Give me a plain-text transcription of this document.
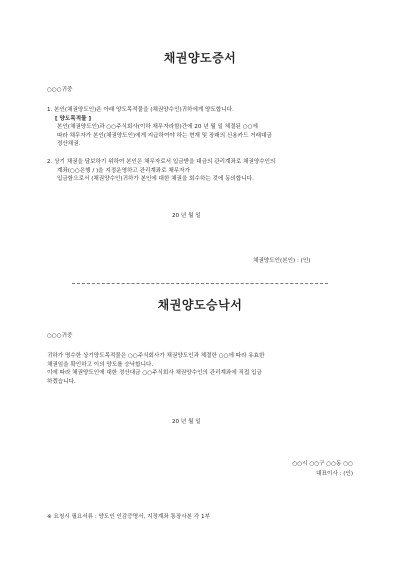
채권양도증서
○○○귀중

1. 본인(채권양도인)은 아래 양도목적물을 (채권양수인)귀하에게 양도합니다.

[ 양도목적물 ]

본인(채권양도인)과 ○○주식회사(이하 채무자라함)간에 20 년 월 일 체결된 ○○에

따라 채무자가 본인(채권양도인)에게 지급하여야 하는 현재 및 장래의 신용카드 거래대금

정산채권.

2. 상기 채권을 담보하기 위하여 본인은 채무자로서 입금받을 대금의 관리계좌로 채권양수인의

계좌(○○은행 / )을 지정운영하고 관리계좌로 채무자가

입금함으로서 (채권양수인)귀하가 본인에 대한 채권을 회수하는 것에 동의합니다.

20 년 월 일
채권양도인(본인) : (인)
채권양도승낙서
○○○귀중

귀하가 명수한 상기양도목적물은 ○○주식회사가 채권양도인과 체결한 ○○에 따라 유효한

채권임을 확인하고 이의 양도를 승낙합니다.

이에 따라 채권양도인에 대한 정산대금 ○○주식회사 채권양수인의 관리계좌에 직접 입금

하겠습니다.

20 년 월 일
○○시 ○○구 ○○동 ○○
대표이사 : (인)
※ 요청시 필요서류 : 양도인 인감증명서, 지정계좌 통장사본 각 1부
